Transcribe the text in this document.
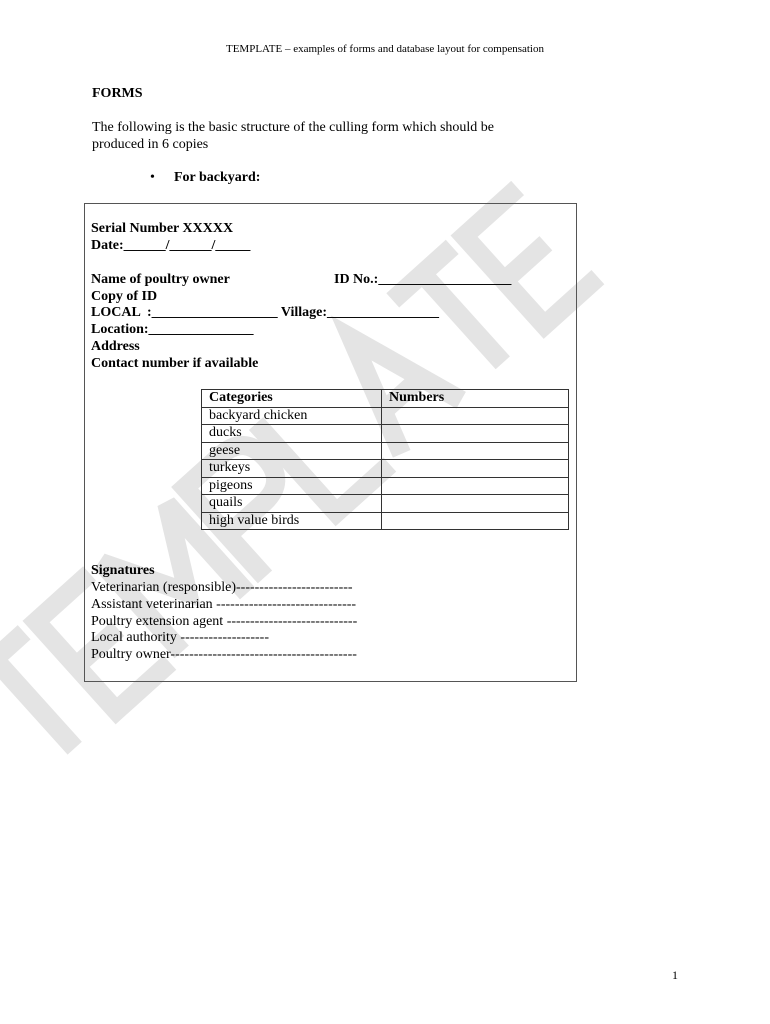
TEMPLATE – examples of forms and database layout for compensation
FORMS
The following is the basic structure of the culling form which should be
produced in 6 copies
• For backyard:
Serial Number XXXXX
Date:______/______/_____
Name of poultry owner	ID No.:___________________
Copy of ID
LOCAL  :__________________ Village:________________
Location:_______________
Address
Contact number if available
Categories	Numbers
backyard chicken	
ducks	
geese	
turkeys	
pigeons	
quails	
high value birds	
Signatures
Veterinarian (responsible)-------------------------
Assistant veterinarian ------------------------------
Poultry extension agent ----------------------------
Local authority -------------------
Poultry owner----------------------------------------
1
